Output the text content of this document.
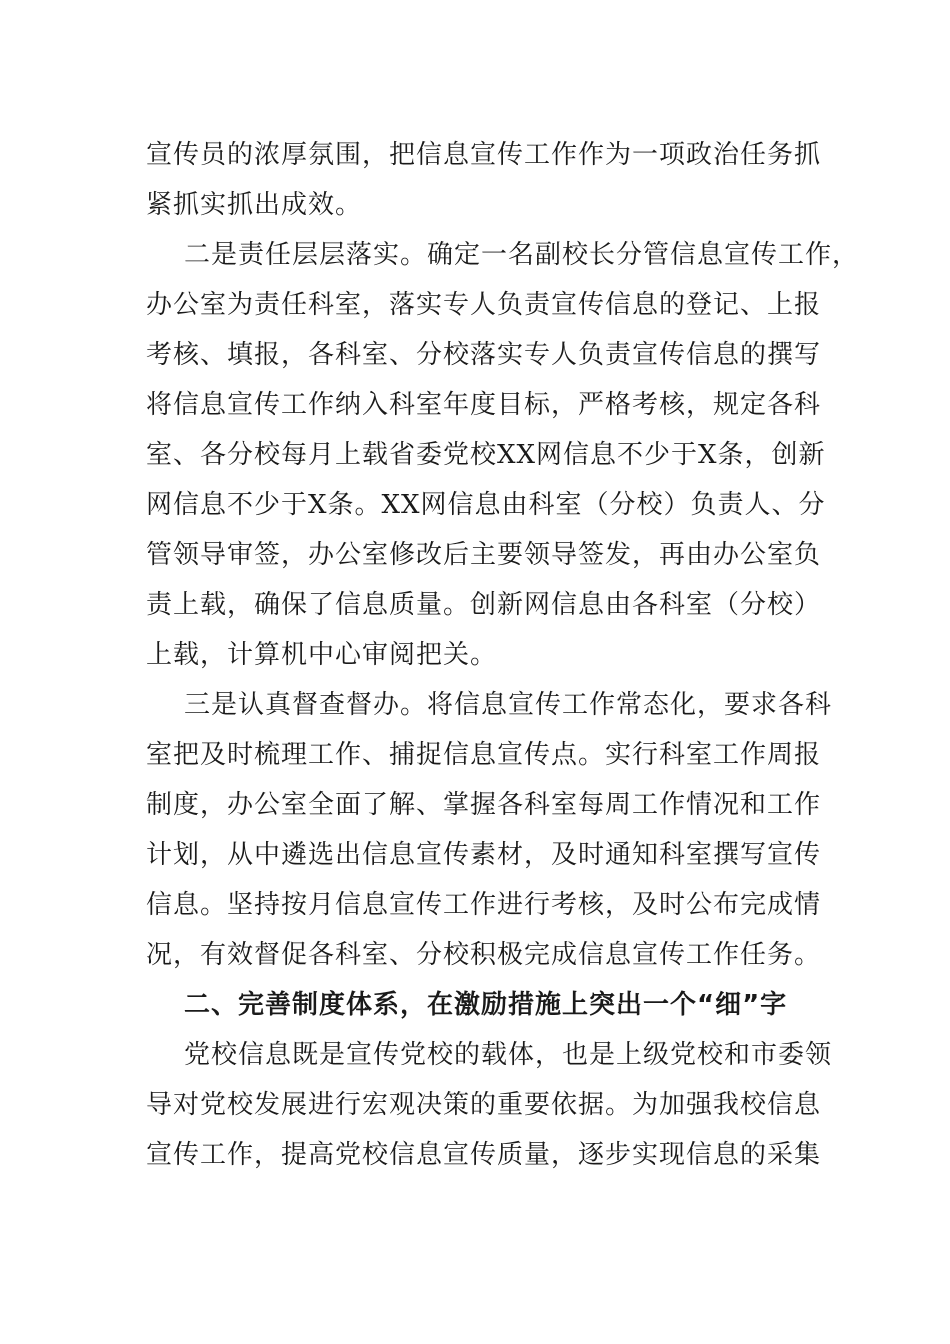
宣传员的浓厚氛围，把信息宣传工作作为一项政治任务抓
紧抓实抓出成效。

二是责任层层落实。确定一名副校长分管信息宣传工作，
办公室为责任科室，落实专人负责宣传信息的登记、上报
考核、填报，各科室、分校落实专人负责宣传信息的撰写
将信息宣传工作纳入科室年度目标，严格考核，规定各科
室、各分校每月上载省委党校XX网信息不少于X条，创新
网信息不少于X条。XX网信息由科室（分校）负责人、分
管领导审签，办公室修改后主要领导签发，再由办公室负
责上载，确保了信息质量。创新网信息由各科室（分校）
上载，计算机中心审阅把关。

三是认真督查督办。将信息宣传工作常态化，要求各科
室把及时梳理工作、捕捉信息宣传点。实行科室工作周报
制度，办公室全面了解、掌握各科室每周工作情况和工作
计划，从中遴选出信息宣传素材，及时通知科室撰写宣传
信息。坚持按月信息宣传工作进行考核，及时公布完成情
况，有效督促各科室、分校积极完成信息宣传工作任务。

二、完善制度体系，在激励措施上突出一个“细”字

党校信息既是宣传党校的载体，也是上级党校和市委领
导对党校发展进行宏观决策的重要依据。为加强我校信息
宣传工作，提高党校信息宣传质量，逐步实现信息的采集
